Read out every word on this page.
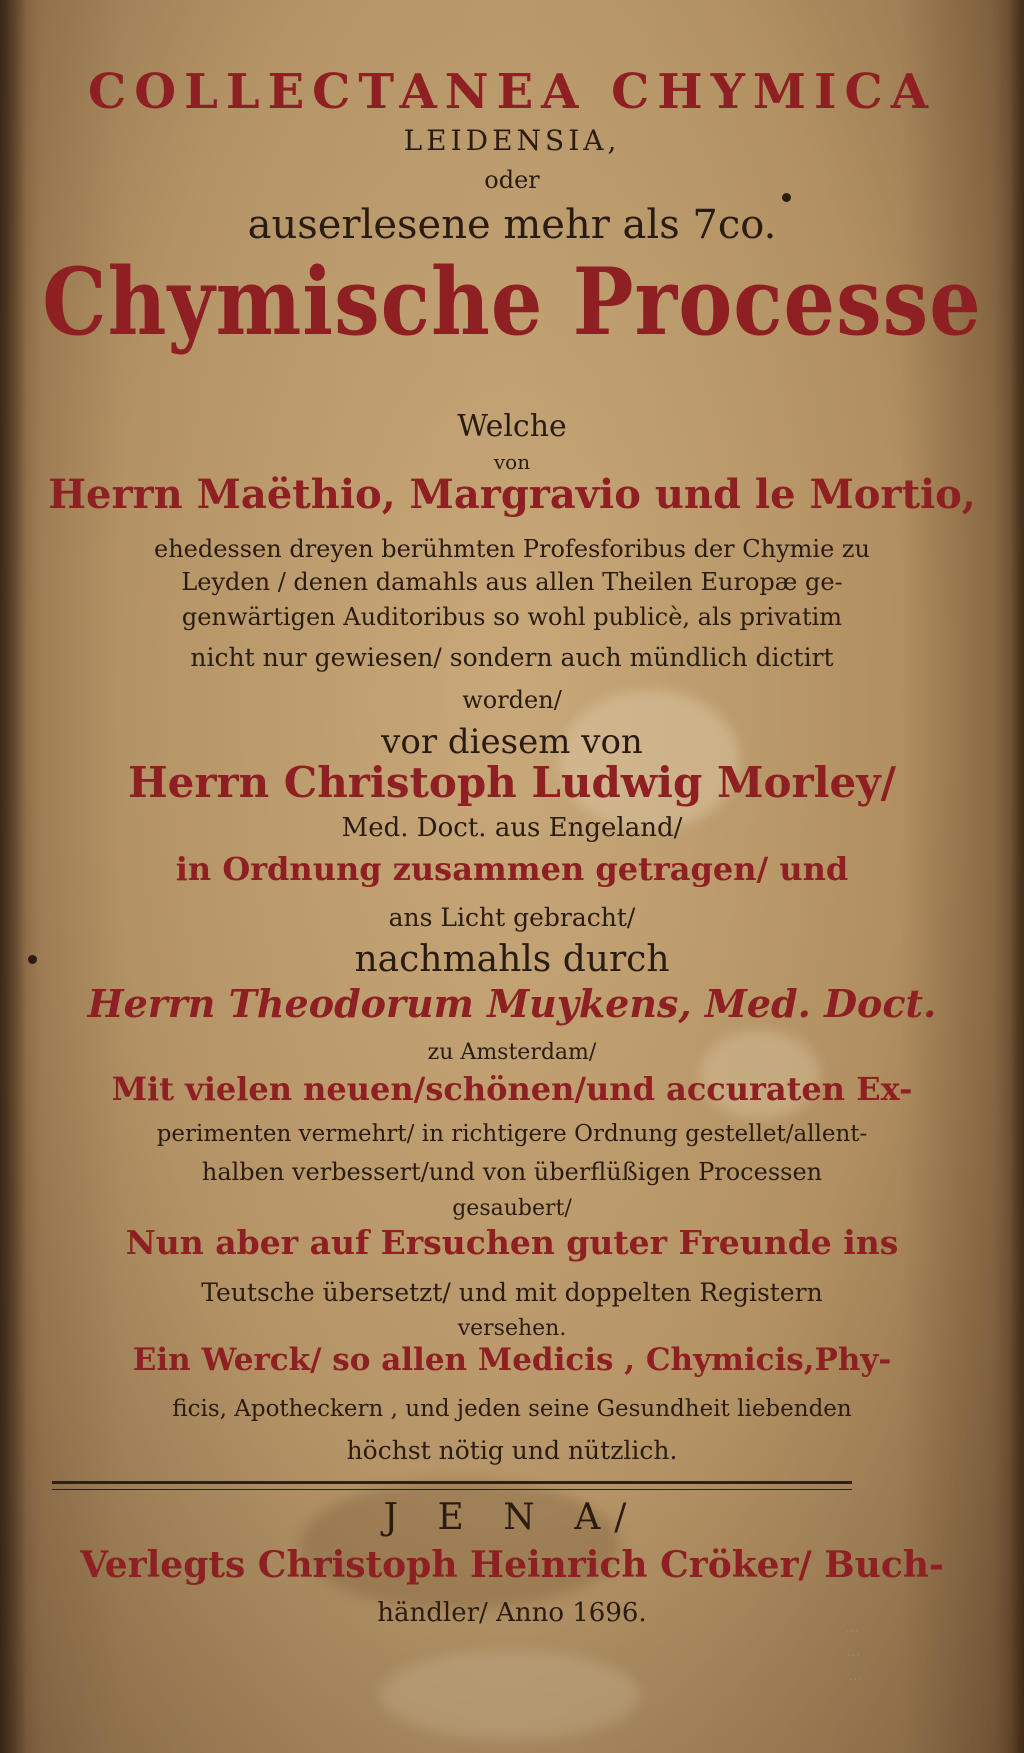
COLLECTANEA CHYMICA
LEIDENSIA,
oder
auserlesene mehr als 7co.
Chymische Processe
Welche
von
Herrn Maëthio, Margravio und le Mortio,
ehedessen dreyen berühmten Profesforibus der Chymie zu
Leyden / denen damahls aus allen Theilen Europæ ge-
genwärtigen Auditoribus so wohl publicè, als privatim
nicht nur gewiesen/ sondern auch mündlich dictirt
worden/
vor diesem von
Herrn Christoph Ludwig Morley/
Med. Doct. aus Engeland/
in Ordnung zusammen getragen/ und
ans Licht gebracht/
nachmahls durch
Herrn Theodorum Muykens, Med. Doct.
zu Amsterdam/
Mit vielen neuen/schönen/und accuraten Ex-
perimenten vermehrt/ in richtigere Ordnung gestellet/allent-
halben verbessert/und von überflüßigen Processen
gesaubert/
Nun aber auf Ersuchen guter Freunde ins
Teutsche übersetzt/ und mit doppelten Registern
versehen.
Ein Werck/ so allen Medicis , Chymicis,Phy-
ficis, Apotheckern , und jeden seine Gesundheit liebenden
höchst nötig und nützlich.
J E N A/
Verlegts Christoph Heinrich Cröker/ Buch-
händler/ Anno 1696.	...
...
...
